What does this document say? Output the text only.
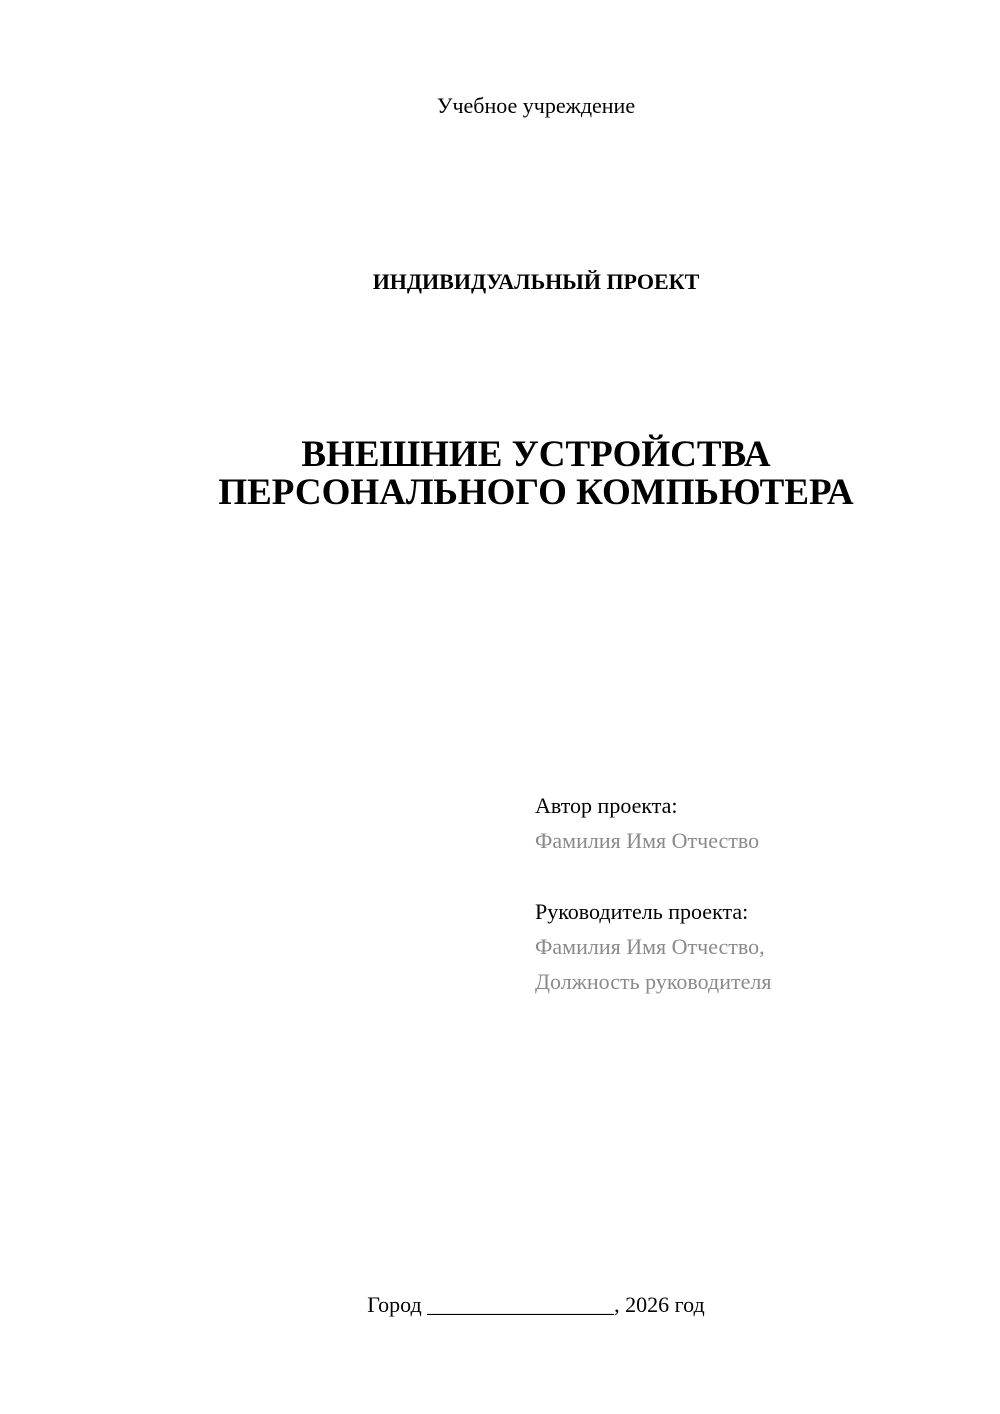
Учебное учреждение
ИНДИВИДУАЛЬНЫЙ ПРОЕКТ
ВНЕШНИЕ УСТРОЙСТВА
ПЕРСОНАЛЬНОГО КОМПЬЮТЕРА
Автор проекта:
Фамилия Имя Отчество
Руководитель проекта:
Фамилия Имя Отчество,
Должность руководителя
Город _________________, 2026 год
